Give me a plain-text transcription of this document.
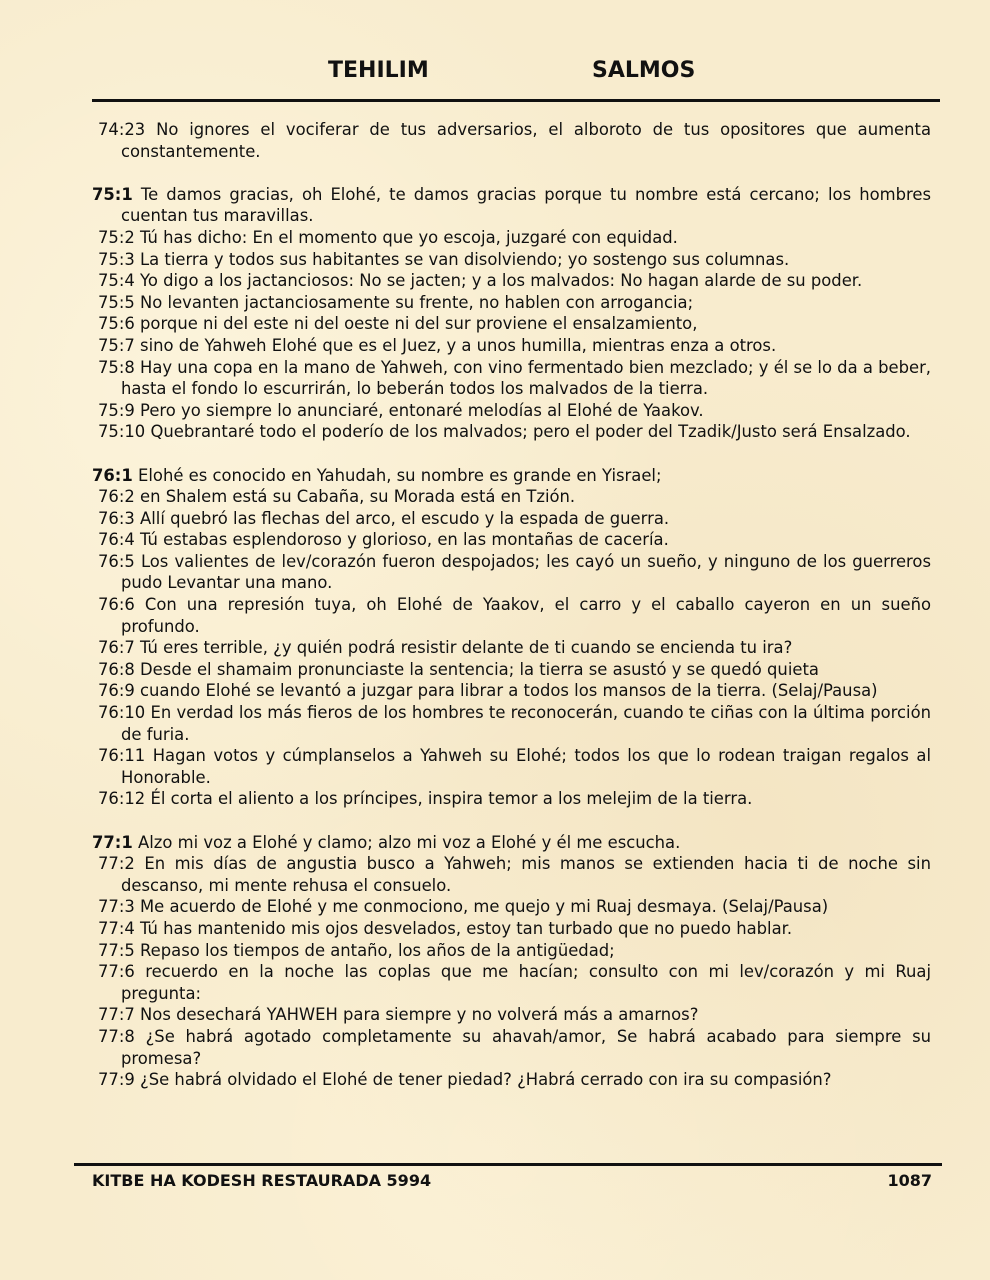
TEHILIM	SALMOS
74:23 No ignores el vociferar de tus adversarios, el alboroto de tus opositores que aumenta constantemente.
75:1 Te damos gracias, oh Elohé, te damos gracias porque tu nombre está cercano; los hombres cuentan tus maravillas.
75:2 Tú has dicho: En el momento que yo escoja, juzgaré con equidad.
75:3 La tierra y todos sus habitantes se van disolviendo; yo sostengo sus columnas.
75:4 Yo digo a los jactanciosos: No se jacten; y a los malvados: No hagan alarde de su poder.
75:5 No levanten jactanciosamente su frente, no hablen con arrogancia;
75:6 porque ni del este ni del oeste ni del sur proviene el ensalzamiento,
75:7 sino de Yahweh Elohé que es el Juez, y a unos humilla, mientras enza a otros.
75:8 Hay una copa en la mano de Yahweh, con vino fermentado bien mezclado; y él se lo da a beber, hasta el fondo lo escurrirán, lo beberán todos los malvados de la tierra.
75:9 Pero yo siempre lo anunciaré, entonaré melodías al Elohé de Yaakov.
75:10 Quebrantaré todo el poderío de los malvados; pero el poder del Tzadik/Justo será Ensalzado.
76:1 Elohé es conocido en Yahudah, su nombre es grande en Yisrael;
76:2 en Shalem está su Cabaña, su Morada está en Tzión.
76:3 Allí quebró las flechas del arco, el escudo y la espada de guerra.
76:4 Tú estabas esplendoroso y glorioso, en las montañas de cacería.
76:5 Los valientes de lev/corazón fueron despojados; les cayó un sueño, y ninguno de los guerreros pudo Levantar una mano.
76:6 Con una represión tuya, oh Elohé de Yaakov, el carro y el caballo cayeron en un sueño profundo.
76:7 Tú eres terrible, ¿y quién podrá resistir delante de ti cuando se encienda tu ira?
76:8 Desde el shamaim pronunciaste la sentencia; la tierra se asustó y se quedó quieta
76:9 cuando Elohé se levantó a juzgar para librar a todos los mansos de la tierra. (Selaj/Pausa)
76:10 En verdad los más fieros de los hombres te reconocerán, cuando te ciñas con la última porción de furia.
76:11 Hagan votos y cúmplanselos a Yahweh su Elohé; todos los que lo rodean traigan regalos al Honorable.
76:12 Él corta el aliento a los príncipes, inspira temor a los melejim de la tierra.
77:1 Alzo mi voz a Elohé y clamo; alzo mi voz a Elohé y él me escucha.
77:2 En mis días de angustia busco a Yahweh; mis manos se extienden hacia ti de noche sin descanso, mi mente rehusa el consuelo.
77:3 Me acuerdo de Elohé y me conmociono, me quejo y mi Ruaj desmaya. (Selaj/Pausa)
77:4 Tú has mantenido mis ojos desvelados, estoy tan turbado que no puedo hablar.
77:5 Repaso los tiempos de antaño, los años de la antigüedad;
77:6 recuerdo en la noche las coplas que me hacían; consulto con mi lev/corazón y mi Ruaj pregunta:
77:7 Nos desechará YAHWEH para siempre y no volverá más a amarnos?
77:8 ¿Se habrá agotado completamente su ahavah/amor, Se habrá acabado para siempre su promesa?
77:9 ¿Se habrá olvidado el Elohé de tener piedad? ¿Habrá cerrado con ira su compasión?
KITBE HA KODESH RESTAURADA 5994	1087
